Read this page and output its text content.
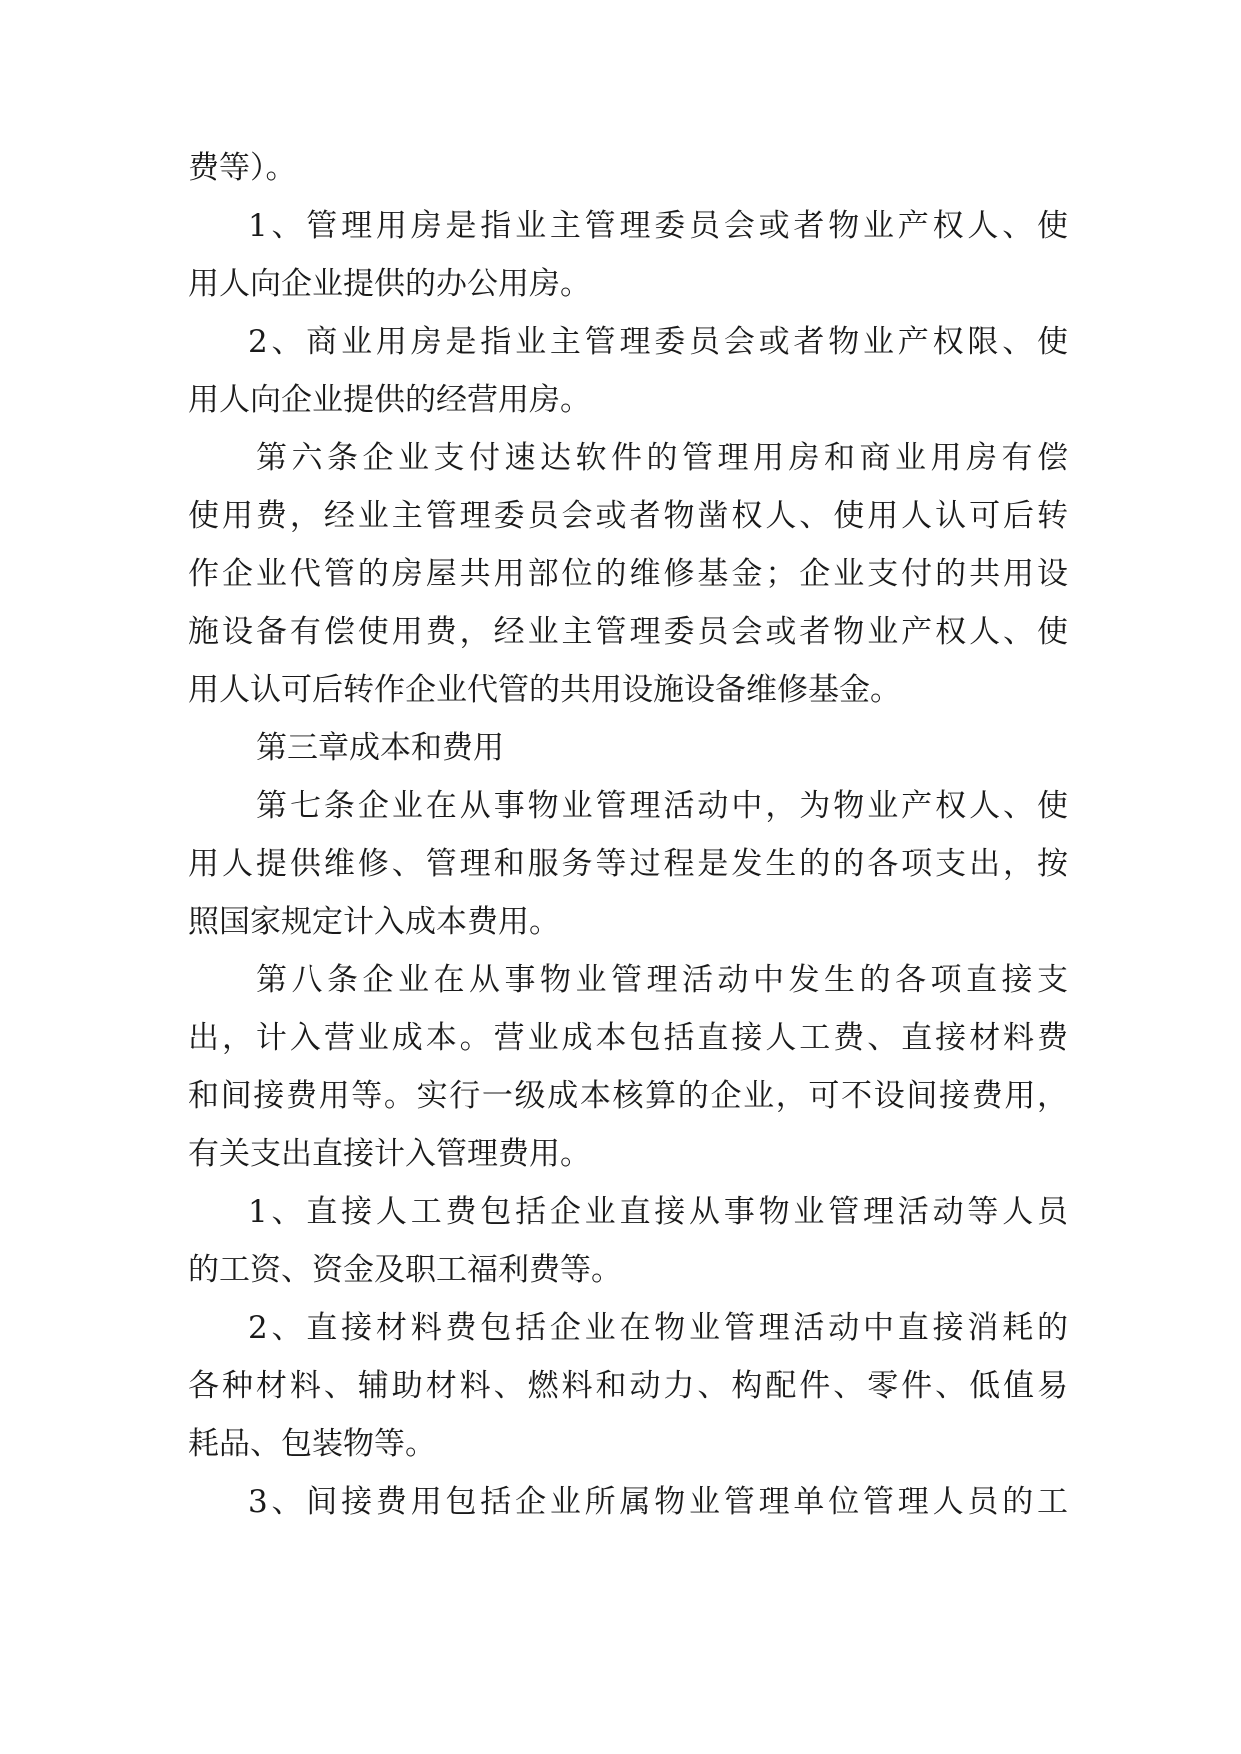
费等）。
1、管理用房是指业主管理委员会或者物业产权人、使
用人向企业提供的办公用房。
2、商业用房是指业主管理委员会或者物业产权限、使
用人向企业提供的经营用房。
第六条企业支付速达软件的管理用房和商业用房有偿
使用费，经业主管理委员会或者物凿权人、使用人认可后转
作企业代管的房屋共用部位的维修基金；企业支付的共用设
施设备有偿使用费，经业主管理委员会或者物业产权人、使
用人认可后转作企业代管的共用设施设备维修基金。
第三章成本和费用
第七条企业在从事物业管理活动中，为物业产权人、使
用人提供维修、管理和服务等过程是发生的的各项支出，按
照国家规定计入成本费用。
第八条企业在从事物业管理活动中发生的各项直接支
出，计入营业成本。营业成本包括直接人工费、直接材料费
和间接费用等。实行一级成本核算的企业，可不设间接费用，
有关支出直接计入管理费用。
1、直接人工费包括企业直接从事物业管理活动等人员
的工资、资金及职工福利费等。
2、直接材料费包括企业在物业管理活动中直接消耗的
各种材料、辅助材料、燃料和动力、构配件、零件、低值易
耗品、包装物等。
3、间接费用包括企业所属物业管理单位管理人员的工
